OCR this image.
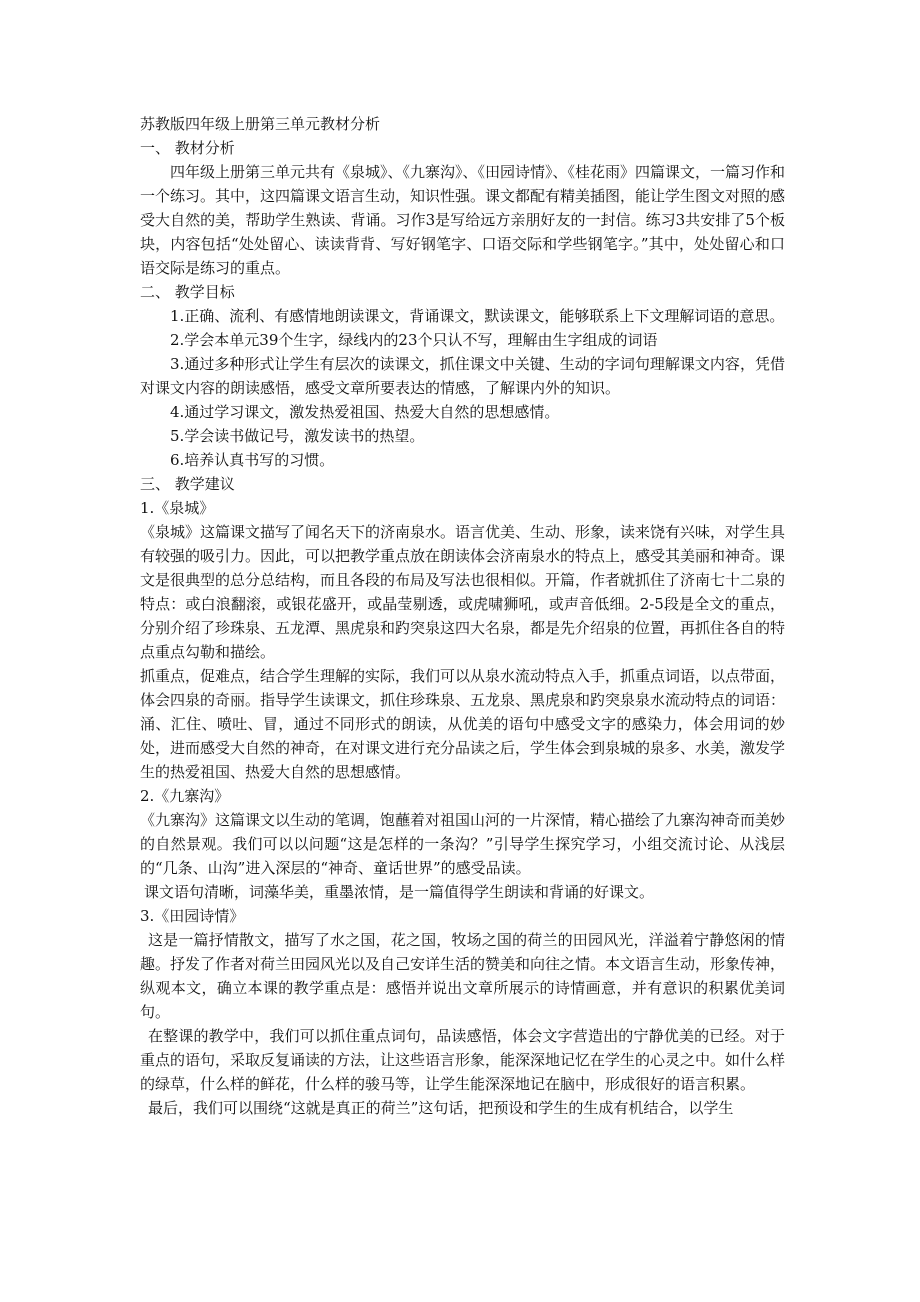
苏教版四年级上册第三单元教材分析

一、 教材分析

四年级上册第三单元共有《泉城》、《九寨沟》、《田园诗情》、《桂花雨》四篇课文，一篇习作和一个练习。其中，这四篇课文语言生动，知识性强。课文都配有精美插图，能让学生图文对照的感受大自然的美，帮助学生熟读、背诵。习作3是写给远方亲朋好友的一封信。练习3共安排了5个板块，内容包括“处处留心、读读背背、写好钢笔字、口语交际和学些钢笔字。”其中，处处留心和口语交际是练习的重点。

二、 教学目标

1.正确、流利、有感情地朗读课文，背诵课文，默读课文，能够联系上下文理解词语的意思。

2.学会本单元39个生字，绿线内的23个只认不写，理解由生字组成的词语

3.通过多种形式让学生有层次的读课文，抓住课文中关键、生动的字词句理解课文内容，凭借对课文内容的朗读感悟，感受文章所要表达的情感，了解课内外的知识。

4.通过学习课文，激发热爱祖国、热爱大自然的思想感情。

5.学会读书做记号，激发读书的热望。

6.培养认真书写的习惯。

三、 教学建议

1.《泉城》

《泉城》这篇课文描写了闻名天下的济南泉水。语言优美、生动、形象，读来饶有兴味，对学生具有较强的吸引力。因此，可以把教学重点放在朗读体会济南泉水的特点上，感受其美丽和神奇。课文是很典型的总分总结构，而且各段的布局及写法也很相似。开篇，作者就抓住了济南七十二泉的特点：或白浪翻滚，或银花盛开，或晶莹剔透，或虎啸狮吼，或声音低细。2-5段是全文的重点，分别介绍了珍珠泉、五龙潭、黑虎泉和趵突泉这四大名泉，都是先介绍泉的位置，再抓住各自的特点重点勾勒和描绘。

抓重点，促难点，结合学生理解的实际，我们可以从泉水流动特点入手，抓重点词语，以点带面，体会四泉的奇丽。指导学生读课文，抓住珍珠泉、五龙泉、黑虎泉和趵突泉泉水流动特点的词语：涌、汇住、喷吐、冒，通过不同形式的朗读，从优美的语句中感受文字的感染力，体会用词的妙处，进而感受大自然的神奇，在对课文进行充分品读之后，学生体会到泉城的泉多、水美，激发学生的热爱祖国、热爱大自然的思想感情。

2.《九寨沟》

《九寨沟》这篇课文以生动的笔调，饱蘸着对祖国山河的一片深情，精心描绘了九寨沟神奇而美妙的自然景观。我们可以以问题“这是怎样的一条沟？”引导学生探究学习，小组交流讨论、从浅层的“几条、山沟”进入深层的“神奇、童话世界”的感受品读。

课文语句清晰，词藻华美，重墨浓情，是一篇值得学生朗读和背诵的好课文。

3.《田园诗情》

这是一篇抒情散文，描写了水之国，花之国，牧场之国的荷兰的田园风光，洋溢着宁静悠闲的情趣。抒发了作者对荷兰田园风光以及自己安详生活的赞美和向往之情。本文语言生动，形象传神，纵观本文，确立本课的教学重点是：感悟并说出文章所展示的诗情画意，并有意识的积累优美词句。

在整课的教学中，我们可以抓住重点词句，品读感悟，体会文字营造出的宁静优美的已经。对于重点的语句，采取反复诵读的方法，让这些语言形象，能深深地记忆在学生的心灵之中。如什么样的绿草，什么样的鲜花，什么样的骏马等，让学生能深深地记在脑中，形成很好的语言积累。

最后，我们可以围绕“这就是真正的荷兰”这句话，把预设和学生的生成有机结合，以学生
